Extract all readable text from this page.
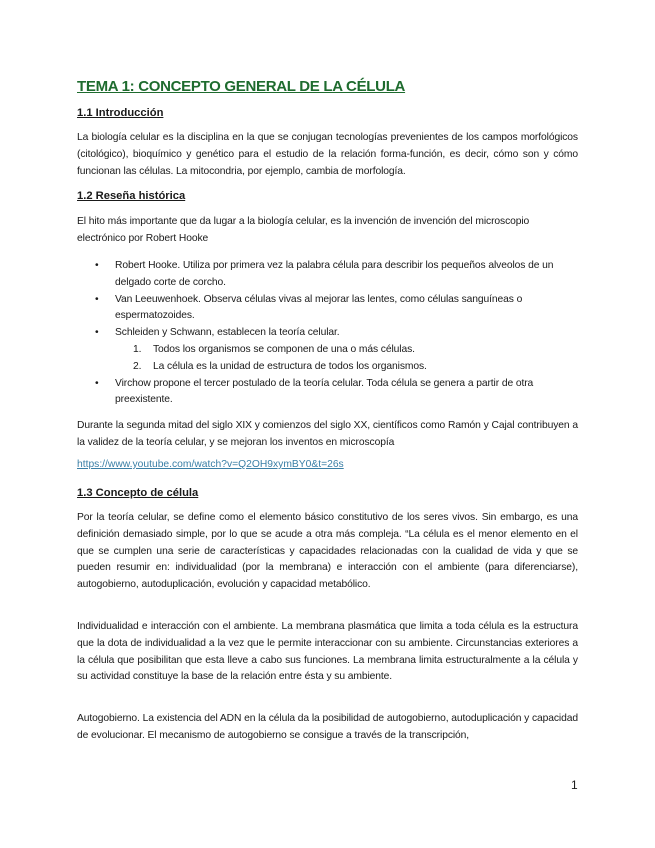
TEMA 1: CONCEPTO GENERAL DE LA CÉLULA
1.1 Introducción
La biología celular es la disciplina en la que se conjugan tecnologías prevenientes de los campos morfológicos (citológico), bioquímico y genético para el estudio de la relación forma-función, es decir, cómo son y cómo funcionan las células. La mitocondria, por ejemplo, cambia de morfología.
1.2 Reseña histórica
El hito más importante que da lugar a la biología celular, es la invención de invención del microscopio electrónico por Robert Hooke
• Robert Hooke. Utiliza por primera vez la palabra célula para describir los pequeños alveolos de un delgado corte de corcho.
• Van Leeuwenhoek. Observa células vivas al mejorar las lentes, como células sanguíneas o espermatozoides.
• Schleiden y Schwann, establecen la teoría celular.
1. Todos los organismos se componen de una o más células.
2. La célula es la unidad de estructura de todos los organismos.
• Virchow propone el tercer postulado de la teoría celular. Toda célula se genera a partir de otra preexistente.
Durante la segunda mitad del siglo XIX y comienzos del siglo XX, científicos como Ramón y Cajal contribuyen a la validez de la teoría celular, y se mejoran los inventos en microscopía
https://www.youtube.com/watch?v=Q2OH9xymBY0&t=26s
1.3 Concepto de célula
Por la teoría celular, se define como el elemento básico constitutivo de los seres vivos. Sin embargo, es una definición demasiado simple, por lo que se acude a otra más compleja. “La célula es el menor elemento en el que se cumplen una serie de características y capacidades relacionadas con la cualidad de vida y que se pueden resumir en: individualidad (por la membrana) e interacción con el ambiente (para diferenciarse), autogobierno, autoduplicación, evolución y capacidad metabólico.
Individualidad e interacción con el ambiente. La membrana plasmática que limita a toda célula es la estructura que la dota de individualidad a la vez que le permite interaccionar con su ambiente. Circunstancias exteriores a la célula que posibilitan que esta lleve a cabo sus funciones. La membrana limita estructuralmente a la célula y su actividad constituye la base de la relación entre ésta y su ambiente.
Autogobierno. La existencia del ADN en la célula da la posibilidad de autogobierno, autoduplicación y capacidad de evolucionar. El mecanismo de autogobierno se consigue a través de la transcripción,
1
